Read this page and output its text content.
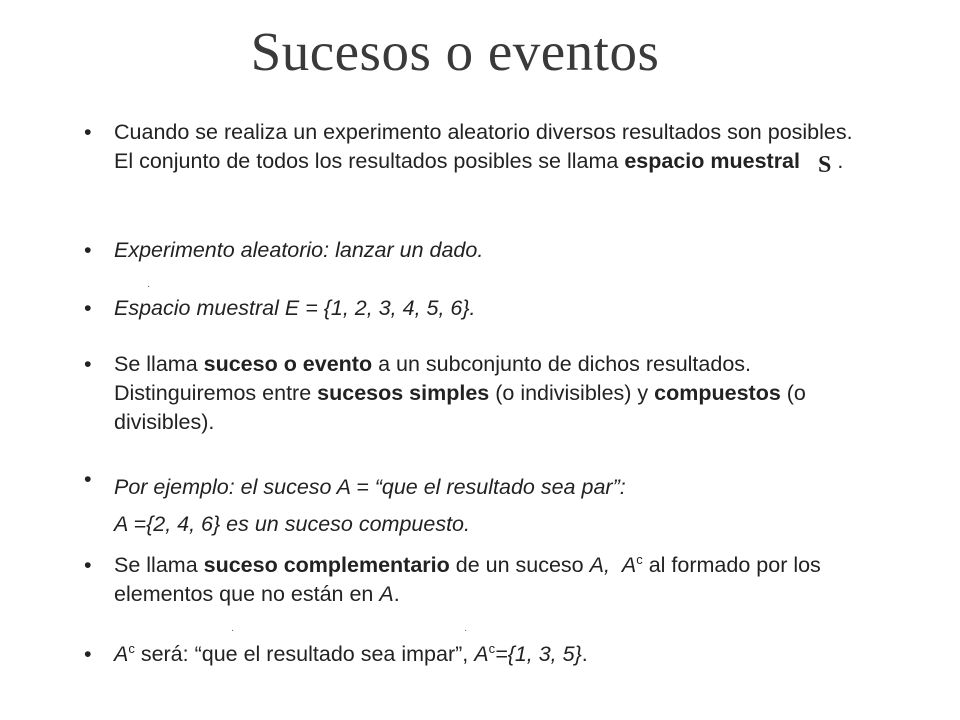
Sucesos o eventos
•	Cuando se realiza un experimento aleatorio diversos resultados son posibles. El conjunto de todos los resultados posibles se llama espacio muestral S .
•	Experimento aleatorio: lanzar un dado.
·
•	Espacio muestral E = {1, 2, 3, 4, 5, 6}.
•	Se llama suceso o evento a un subconjunto de dichos resultados. Distinguiremos entre sucesos simples (o indivisibles) y compuestos (o divisibles).
•	Por ejemplo: el suceso A = “que el resultado sea par”:
A ={2, 4, 6} es un suceso compuesto.
•	Se llama suceso complementario de un suceso A, $A^c$ al formado por los elementos que no están en A.
·	·
•	$A^c$ será: “que el resultado sea impar”, $A^c=\{1$, 3, 5}.
